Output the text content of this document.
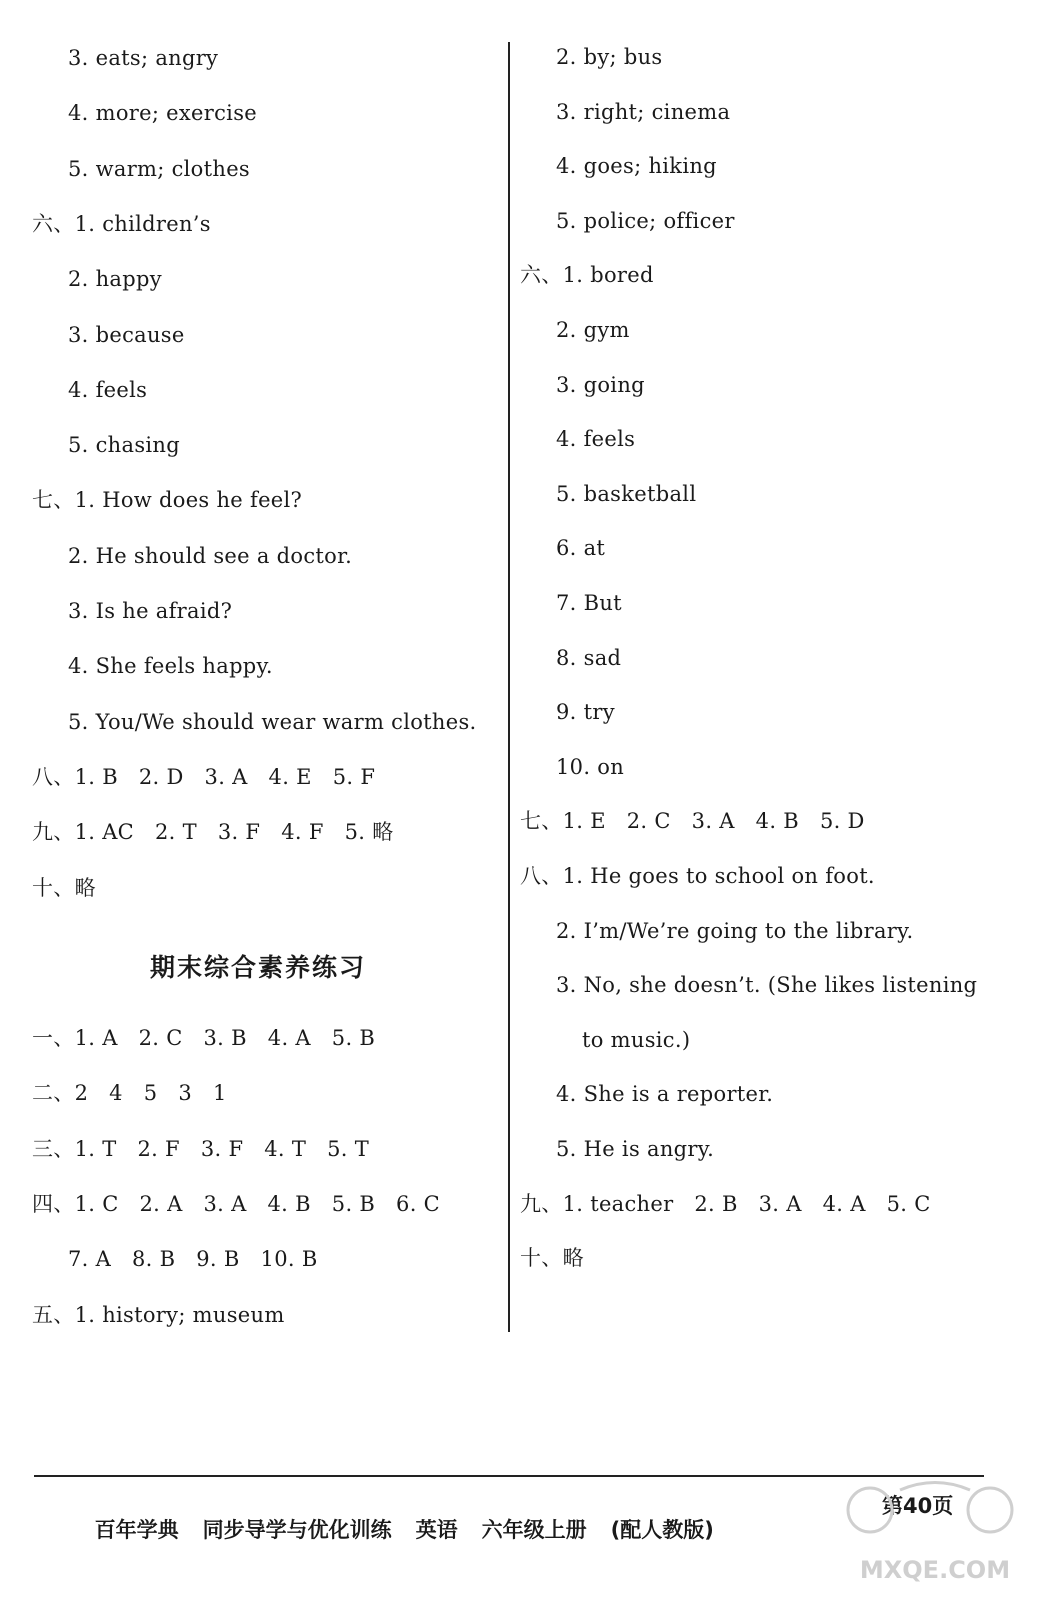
3. eats; angry
4. more; exercise
5. warm; clothes
六、1. children’s
2. happy
3. because
4. feels
5. chasing
七、1. How does he feel?
2. He should see a doctor.
3. Is he afraid?
4. She feels happy.
5. You/We should wear warm clothes.
八、1. B   2. D   3. A   4. E   5. F
九、1. AC   2. T   3. F   4. F   5. 略
十、略
一、1. A   2. C   3. B   4. A   5. B
二、2   4   5   3   1
三、1. T   2. F   3. F   4. T   5. T
四、1. C   2. A   3. A   4. B   5. B   6. C
7. A   8. B   9. B   10. B
五、1. history; museum
2. by; bus
3. right; cinema
4. goes; hiking
5. police; officer
六、1. bored
2. gym
3. going
4. feels
5. basketball
6. at
7. But
8. sad
9. try
10. on
七、1. E   2. C   3. A   4. B   5. D
八、1. He goes to school on foot.
2. I’m/We’re going to the library.
3. No, she doesn’t. (She likes listening
to music.)
4. She is a reporter.
5. He is angry.
九、1. teacher   2. B   3. A   4. A   5. C
十、略
期末综合素养练习

百年学典 同步导学与优化训练 英语 六年级上册 (配人教版)

第40页
MXQE.COM
